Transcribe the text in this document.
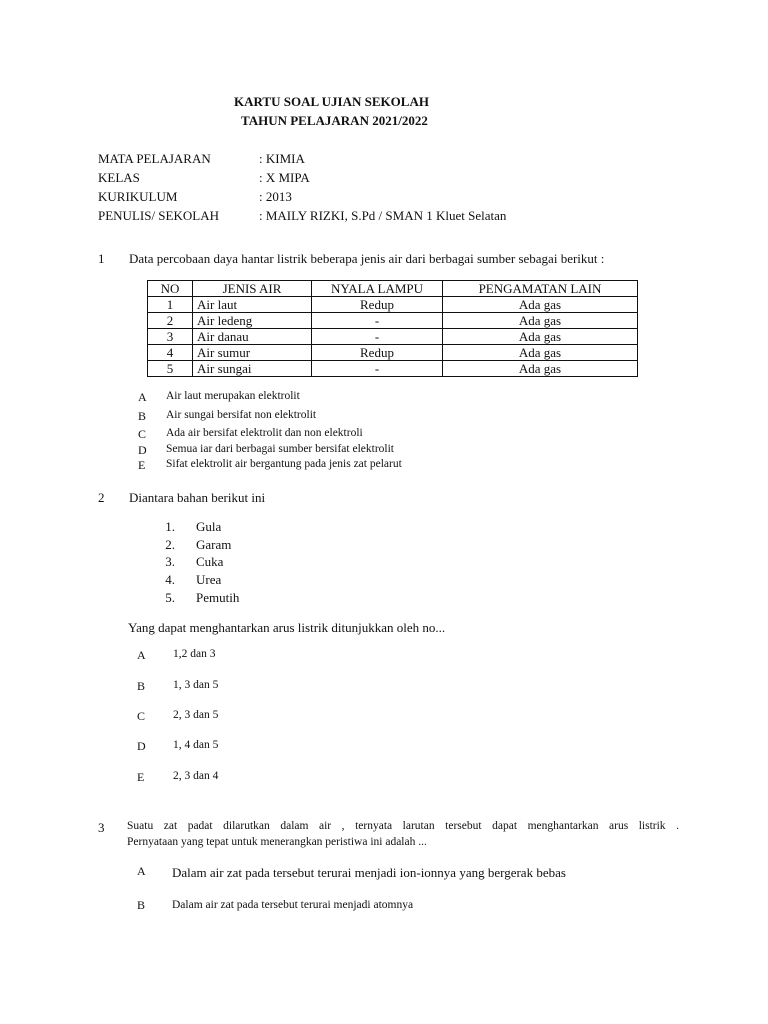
KARTU SOAL UJIAN SEKOLAH
TAHUN PELAJARAN 2021/2022
MATA PELAJARAN	: KIMIA
KELAS	: X MIPA
KURIKULUM	: 2013
PENULIS/ SEKOLAH	: MAILY RIZKI, S.Pd / SMAN 1 Kluet Selatan
1 Data percobaan daya hantar listrik beberapa jenis air dari berbagai sumber sebagai berikut :
NO	JENIS AIR	NYALA LAMPU	PENGAMATAN LAIN
1	Air laut	Redup	Ada gas
2	Air ledeng	-	Ada gas
3	Air danau	-	Ada gas
4	Air sumur	Redup	Ada gas
5	Air sungai	-	Ada gas
A Air laut merupakan elektrolit
B Air sungai bersifat non elektrolit
C Ada air bersifat elektrolit dan non elektroli
D Semua iar dari berbagai sumber bersifat elektrolit
E Sifat elektrolit air bergantung pada jenis zat pelarut
2 Diantara bahan berikut ini
1. Gula
2. Garam
3. Cuka
4. Urea
5. Pemutih
Yang dapat menghantarkan arus listrik ditunjukkan oleh no...
A 1,2 dan 3
B 1, 3 dan 5
C 2, 3 dan 5
D 1, 4 dan 5
E 2, 3 dan 4
3 Suatu zat padat dilarutkan dalam air , ternyata larutan tersebut dapat menghantarkan arus listrik .
Pernyataan yang tepat untuk menerangkan peristiwa ini adalah ...
A Dalam air zat pada tersebut terurai menjadi ion-ionnya yang bergerak bebas
B Dalam air zat pada tersebut terurai menjadi atomnya
